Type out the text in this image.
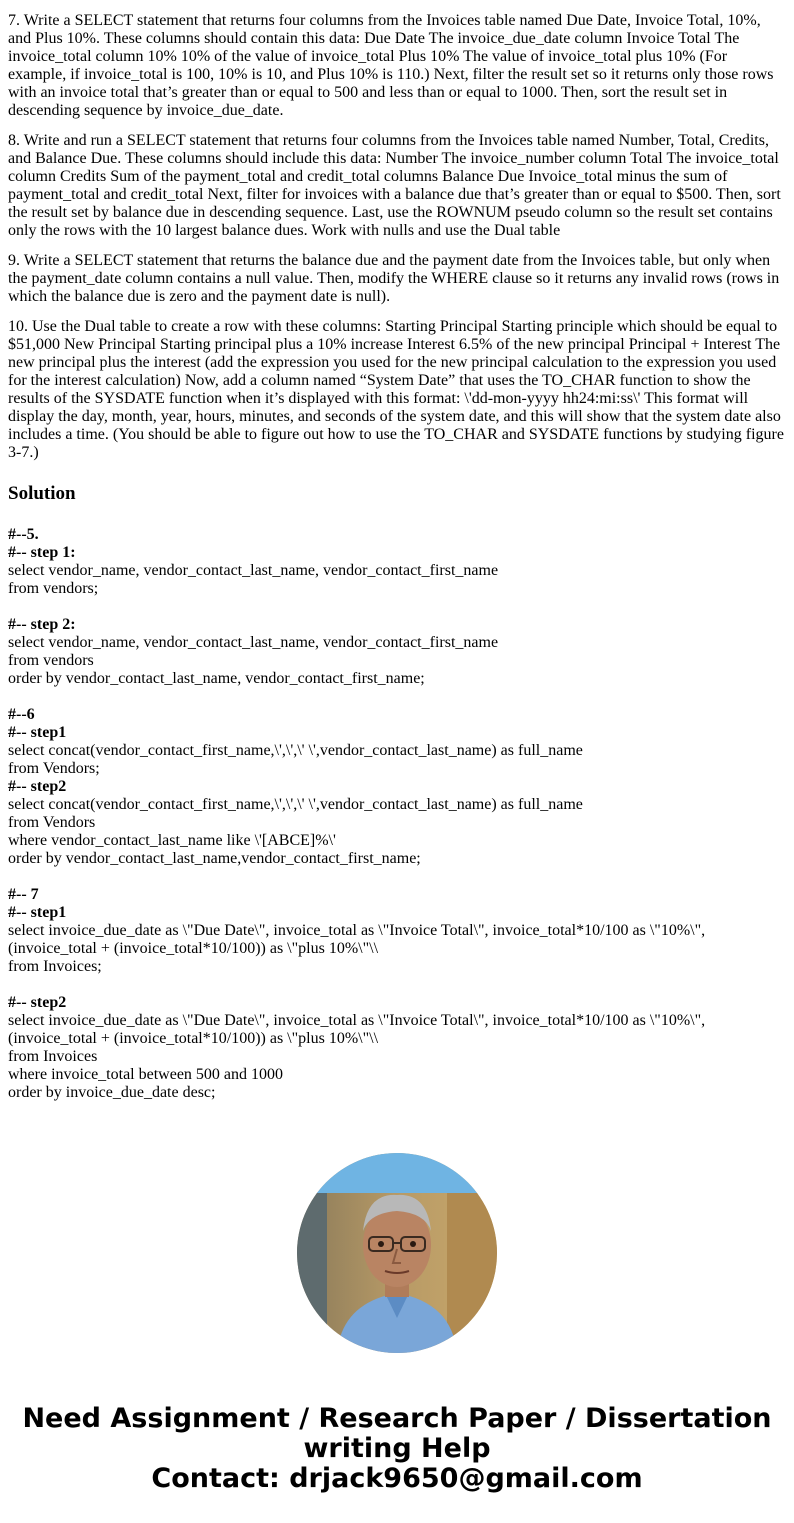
7. Write a SELECT statement that returns four columns from the Invoices table named Due Date, Invoice Total, 10%, and Plus 10%. These columns should contain this data: Due Date The invoice_due_date column Invoice Total The invoice_total column 10% 10% of the value of invoice_total Plus 10% The value of invoice_total plus 10% (For example, if invoice_total is 100, 10% is 10, and Plus 10% is 110.) Next, filter the result set so it returns only those rows with an invoice total that’s greater than or equal to 500 and less than or equal to 1000. Then, sort the result set in descending sequence by invoice_due_date.

8. Write and run a SELECT statement that returns four columns from the Invoices table named Number, Total, Credits, and Balance Due. These columns should include this data: Number The invoice_number column Total The invoice_total column Credits Sum of the payment_total and credit_total columns Balance Due Invoice_total minus the sum of payment_total and credit_total Next, filter for invoices with a balance due that’s greater than or equal to $500. Then, sort the result set by balance due in descending sequence. Last, use the ROWNUM pseudo column so the result set contains only the rows with the 10 largest balance dues. Work with nulls and use the Dual table

9. Write a SELECT statement that returns the balance due and the payment date from the Invoices table, but only when the payment_date column contains a null value. Then, modify the WHERE clause so it returns any invalid rows (rows in which the balance due is zero and the payment date is null).

10. Use the Dual table to create a row with these columns: Starting Principal Starting principle which should be equal to $51,000 New Principal Starting principal plus a 10% increase Interest 6.5% of the new principal Principal + Interest The new principal plus the interest (add the expression you used for the new principal calculation to the expression you used for the interest calculation) Now, add a column named “System Date” that uses the TO_CHAR function to show the results of the SYSDATE function when it’s displayed with this format: \'dd-mon-yyyy hh24:mi:ss\' This format will display the day, month, year, hours, minutes, and seconds of the system date, and this will show that the system date also includes a time. (You should be able to figure out how to use the TO_CHAR and SYSDATE functions by studying figure 3-7.)

Solution
#--5.
#-- step 1:
select vendor_name, vendor_contact_last_name, vendor_contact_first_name
from vendors;
#-- step 2:
select vendor_name, vendor_contact_last_name, vendor_contact_first_name
from vendors
order by vendor_contact_last_name, vendor_contact_first_name;
#--6
#-- step1
select concat(vendor_contact_first_name,\',\',\' \',vendor_contact_last_name) as full_name
from Vendors;
#-- step2
select concat(vendor_contact_first_name,\',\',\' \',vendor_contact_last_name) as full_name
from Vendors
where vendor_contact_last_name like \'[ABCE]%\'
order by vendor_contact_last_name,vendor_contact_first_name;
#-- 7
#-- step1
select invoice_due_date as \"Due Date\", invoice_total as \"Invoice Total\", invoice_total*10/100 as \"10%\",
(invoice_total + (invoice_total*10/100)) as \"plus 10%\"\\
from Invoices;
#-- step2
select invoice_due_date as \"Due Date\", invoice_total as \"Invoice Total\", invoice_total*10/100 as \"10%\",
(invoice_total + (invoice_total*10/100)) as \"plus 10%\"\\
from Invoices
where invoice_total between 500 and 1000
order by invoice_due_date desc;
Need Assignment / Research Paper / Dissertation
writing Help
Contact: drjack9650@gmail.com
